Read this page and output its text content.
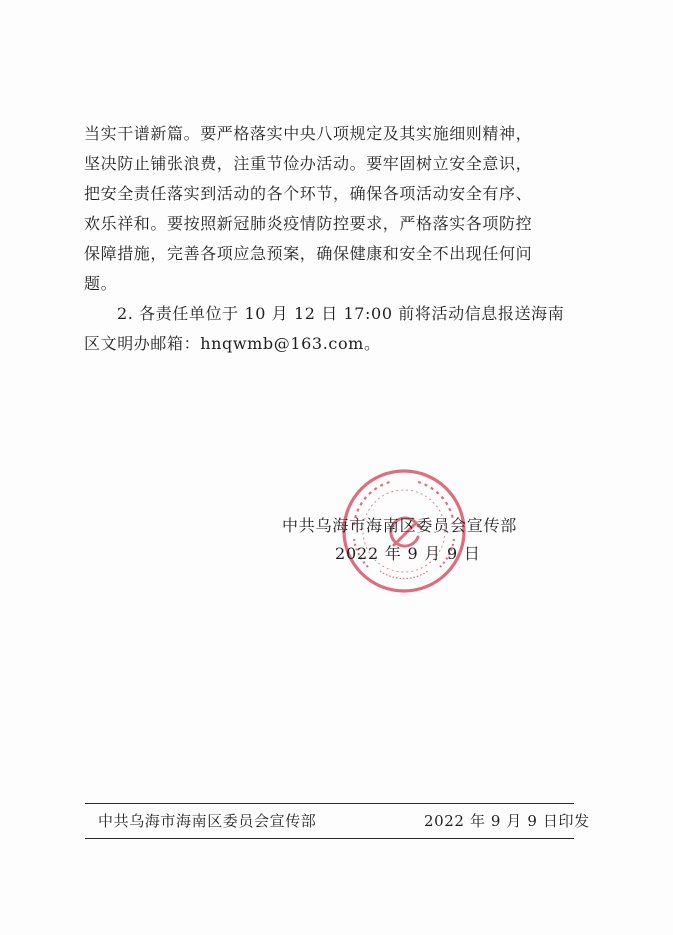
当实干谱新篇。要严格落实中央八项规定及其实施细则精神，
坚决防止铺张浪费，注重节俭办活动。要牢固树立安全意识，
把安全责任落实到活动的各个环节，确保各项活动安全有序、
欢乐祥和。要按照新冠肺炎疫情防控要求，严格落实各项防控
保障措施，完善各项应急预案，确保健康和安全不出现任何问
题。
2. 各责任单位于 10 月 12 日 17:00 前将活动信息报送海南
区文明办邮箱：hnqwmb@163.com。
中共乌海市海南区委员会宣传部
2022 年 9 月 9 日
中共乌海市海南区委员会宣传部	2022 年 9 月 9 日印发
